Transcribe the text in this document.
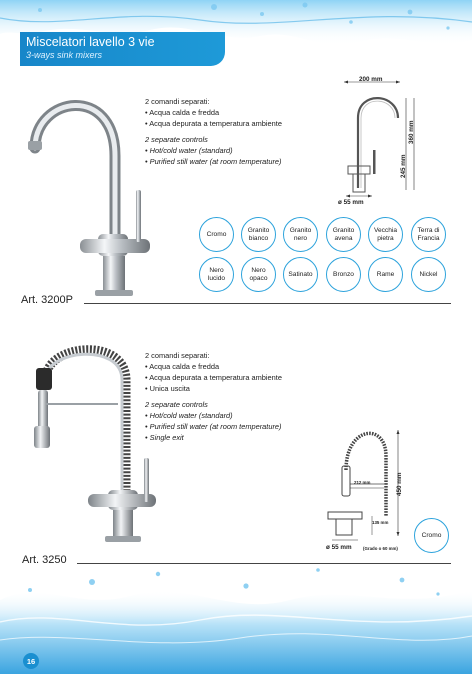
Miscelatori lavello 3 vie
3-ways sink mixers
2 comandi separati:
• Acqua calda e fredda
• Acqua depurata a temperatura ambiente
2 separate controls
• Hot/cold water (standard)
• Purified still water (at room temperature)
200 mm
360 mm
245 mm
ø 55 mm
Cromo
Granito
bianco
Granito
nero
Granito
avena
Vecchia
pietra
Terra di
Francia
Nero
lucido
Nero
opaco
Satinato	Bronzo	Rame	Nickel
Art. 3200P
2 comandi separati:
• Acqua calda e fredda
• Acqua depurata a temperatura ambiente
• Unica uscita
2 separate controls
• Hot/cold water (standard)
• Purified still water (at room temperature)
• Single exit
212 mm
135 mm
450 mm
ø 55 mm	(Grado o 60 mm)
Cromo
Art. 3250
16
